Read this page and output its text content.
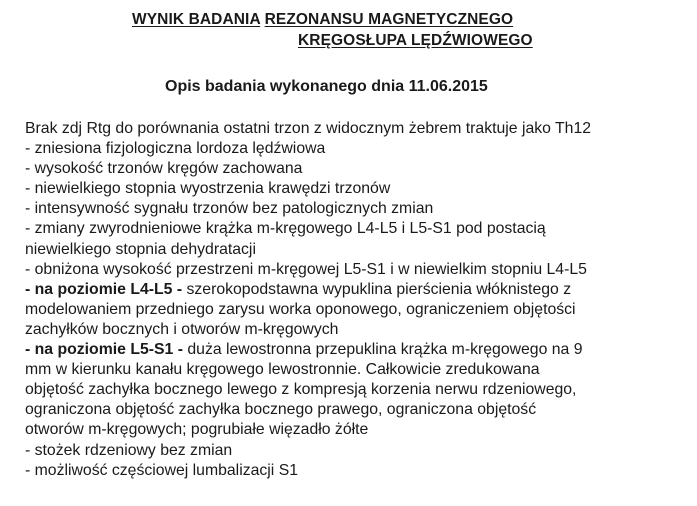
WYNIK BADANIA REZONANSU MAGNETYCZNEGO
KRĘGOSŁUPA LĘDŹWIOWEGO
Opis badania wykonanego dnia 11.06.2015
Brak zdj Rtg do porównania ostatni trzon z widocznym żebrem traktuje jako Th12
- zniesiona fizjologiczna lordoza lędźwiowa
- wysokość trzonów kręgów zachowana
- niewielkiego stopnia wyostrzenia krawędzi trzonów
- intensywność sygnału trzonów bez patologicznych zmian
- zmiany zwyrodnieniowe krążka m-kręgowego L4-L5 i L5-S1 pod postacią
niewielkiego stopnia dehydratacji
- obniżona wysokość przestrzeni m-kręgowej L5-S1 i w niewielkim stopniu L4-L5
- na poziomie L4-L5 - szerokopodstawna wypuklina pierścienia włóknistego z
modelowaniem przedniego zarysu worka oponowego, ograniczeniem objętości
zachyłków bocznych i otworów m-kręgowych
- na poziomie L5-S1 - duża lewostronna przepuklina krążka m-kręgowego na 9
mm w kierunku kanału kręgowego lewostronnie. Całkowicie zredukowana
objętość zachyłka bocznego lewego z kompresją korzenia nerwu rdzeniowego,
ograniczona objętość zachyłka bocznego prawego, ograniczona objętość
otworów m-kręgowych; pogrubiałe więzadło żółte
- stożek rdzeniowy bez zmian
- możliwość częściowej lumbalizacji S1
